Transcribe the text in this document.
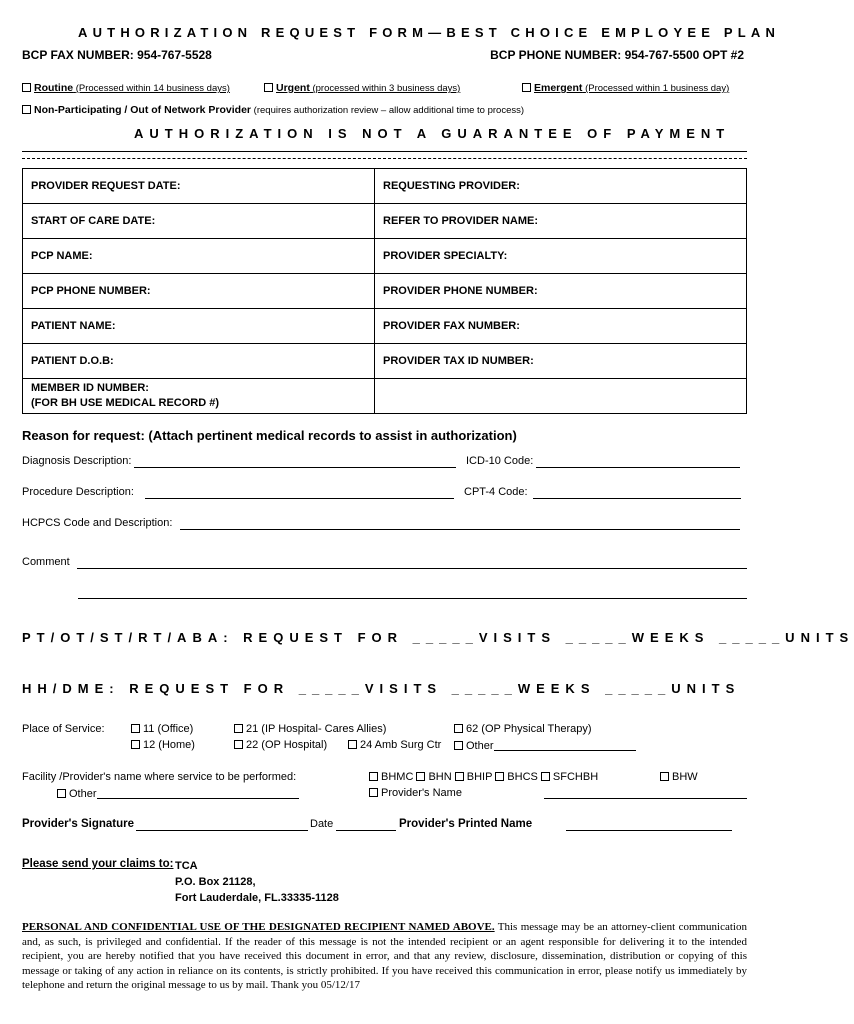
AUTHORIZATION REQUEST FORM—BEST CHOICE EMPLOYEE PLAN
BCP FAX NUMBER: 954-767-5528	BCP PHONE NUMBER: 954-767-5500 OPT #2
Routine (Processed within 14 business days)	Urgent (processed within 3 business days)	Emergent (Processed within 1 business day)
Non-Participating / Out of Network Provider (requires authorization review – allow additional time to process)
AUTHORIZATION IS NOT A GUARANTEE OF PAYMENT
PROVIDER REQUEST DATE:	REQUESTING PROVIDER:
START OF CARE DATE:	REFER TO PROVIDER NAME:
PCP NAME:	PROVIDER SPECIALTY:
PCP PHONE NUMBER:	PROVIDER PHONE NUMBER:
PATIENT NAME:	PROVIDER FAX NUMBER:
PATIENT D.O.B:	PROVIDER TAX ID NUMBER:

MEMBER ID NUMBER:
(FOR BH USE MEDICAL RECORD #)	

Reason for request: (Attach pertinent medical records to assist in authorization)
Diagnosis Description:	ICD-10 Code:
Procedure Description:	CPT-4 Code:
HCPCS Code and Description:
Comment
PT/OT/ST/RT/ABA: REQUEST FOR _____VISITS _____WEEKS _____UNITS
HH/DME: REQUEST FOR _____VISITS _____WEEKS _____UNITS
Place of Service:	11 (Office)	21 (IP Hospital- Cares Allies)	62 (OP Physical Therapy)
12 (Home)	22 (OP Hospital)	24 Amb Surg Ctr	Other
Facility /Provider's name where service to be performed:	BHMC BHN BHIP BHCS SFCHBH	BHW
Other	Provider's Name
Provider's Signature	Date	Provider's Printed Name
Please send your claims to: TCA
P.O. Box 21128,
Fort Lauderdale, FL.33335-1128
PERSONAL AND CONFIDENTIAL USE OF THE DESIGNATED RECIPIENT NAMED ABOVE. This message may be an attorney-client communication and, as such, is privileged and confidential. If the reader of this message is not the intended recipient or an agent responsible for delivering it to the intended recipient, you are hereby notified that you have received this document in error, and that any review, disclosure, dissemination, distribution or copying of this message or taking of any action in reliance on its contents, is strictly prohibited. If you have received this communication in error, please notify us immediately by telephone and return the original message to us by mail. Thank you 05/12/17
